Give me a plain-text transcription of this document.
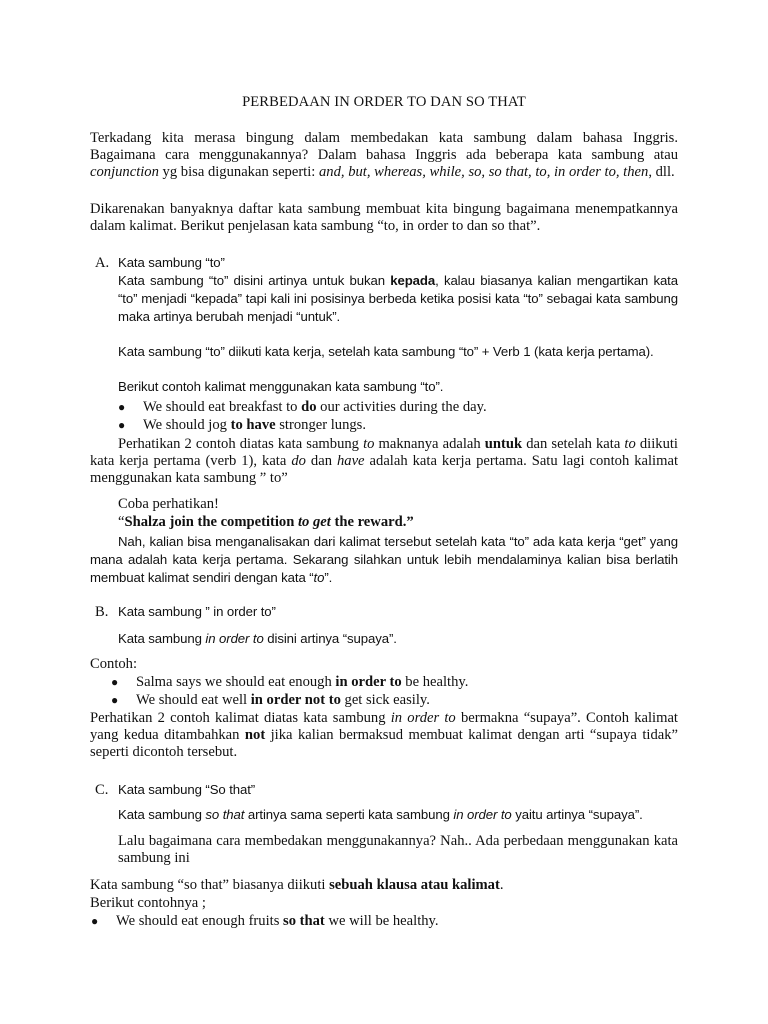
PERBEDAAN IN ORDER TO DAN SO THAT

Terkadang kita merasa bingung dalam membedakan kata sambung dalam bahasa Inggris. Bagaimana cara menggunakannya? Dalam bahasa Inggris ada beberapa kata sambung atau conjunction yg bisa digunakan seperti: and, but, whereas, while, so, so that, to, in order to, then, dll.

Dikarenakan banyaknya daftar kata sambung membuat kita bingung bagaimana menempatkannya dalam kalimat. Berikut penjelasan kata sambung “to, in order to dan so that”.

A. Kata sambung “to”

Kata sambung “to” disini artinya untuk bukan kepada, kalau biasanya kalian mengartikan kata “to” menjadi “kepada” tapi kali ini posisinya berbeda ketika posisi kata “to” sebagai kata sambung maka artinya berubah menjadi “untuk”.

Kata sambung “to” diikuti kata kerja, setelah kata sambung “to” + Verb 1 (kata kerja pertama).

Berikut contoh kalimat menggunakan kata sambung “to”.
● We should eat breakfast to do our activities during the day.
● We should jog to have stronger lungs.

Perhatikan 2 contoh diatas kata sambung to maknanya adalah untuk dan setelah kata to diikuti kata kerja pertama (verb 1), kata do dan have adalah kata kerja pertama. Satu lagi contoh kalimat menggunakan kata sambung ” to”

Coba perhatikan!
“Shalza join the competition to get the reward.”

Nah, kalian bisa menganalisakan dari kalimat tersebut setelah kata “to” ada kata kerja “get” yang mana adalah kata kerja pertama. Sekarang silahkan untuk lebih mendalaminya kalian bisa berlatih membuat kalimat sendiri dengan kata “to”.

B. Kata sambung ” in order to”
Kata sambung in order to disini artinya “supaya”.
Contoh:
● Salma says we should eat enough in order to be healthy.
● We should eat well in order not to get sick easily.

Perhatikan 2 contoh kalimat diatas kata sambung in order to bermakna “supaya”. Contoh kalimat yang kedua ditambahkan not jika kalian bermaksud membuat kalimat dengan arti “supaya tidak” seperti dicontoh tersebut.

C. Kata sambung “So that”
Kata sambung so that artinya sama seperti kata sambung in order to yaitu artinya “supaya”.

Lalu bagaimana cara membedakan menggunakannya? Nah.. Ada perbedaan menggunakan kata sambung ini

Kata sambung “so that” biasanya diikuti sebuah klausa atau kalimat.
Berikut contohnya ;
● We should eat enough fruits so that we will be healthy.
